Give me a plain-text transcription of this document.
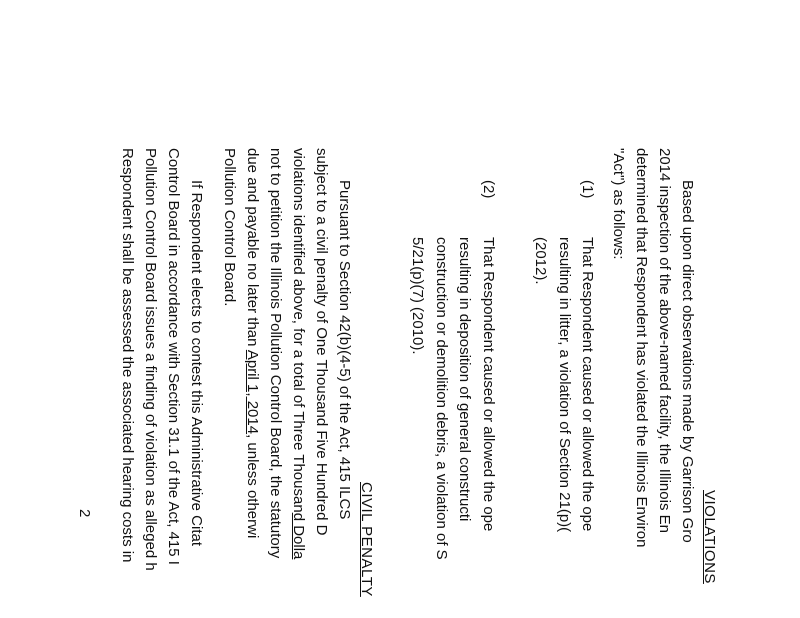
VIOLATIONS
Based upon direct observations made by Garrison Gro
2014 inspection of the above-named facility, the Illinois En
determined that Respondent has violated the Illinois Environ
"Act") as follows:
(1)
That Respondent caused or allowed the ope
resulting in litter, a violation of Section 21(p)(
(2012).
(2)
That Respondent caused or allowed the ope
resulting in deposition of general constructi
construction or demolition debris, a violation of S
5/21(p)(7) (2010).
CIVIL PENALTY
Pursuant to Section 42(b)(4-5) of the Act, 415 ILCS
subject to a civil penalty of One Thousand Five Hundred D
violations identified above, for a total of Three Thousand Dolla
not to petition the Illinois Pollution Control Board, the statutory
due and payable no later than April 1, 2014, unless otherwi
Pollution Control Board.
If Respondent elects to contest this Administrative Citat
Control Board in accordance with Section 31.1 of the Act, 415 I
Pollution Control Board issues a finding of violation as alleged h
Respondent shall be assessed the associated hearing costs in
2
